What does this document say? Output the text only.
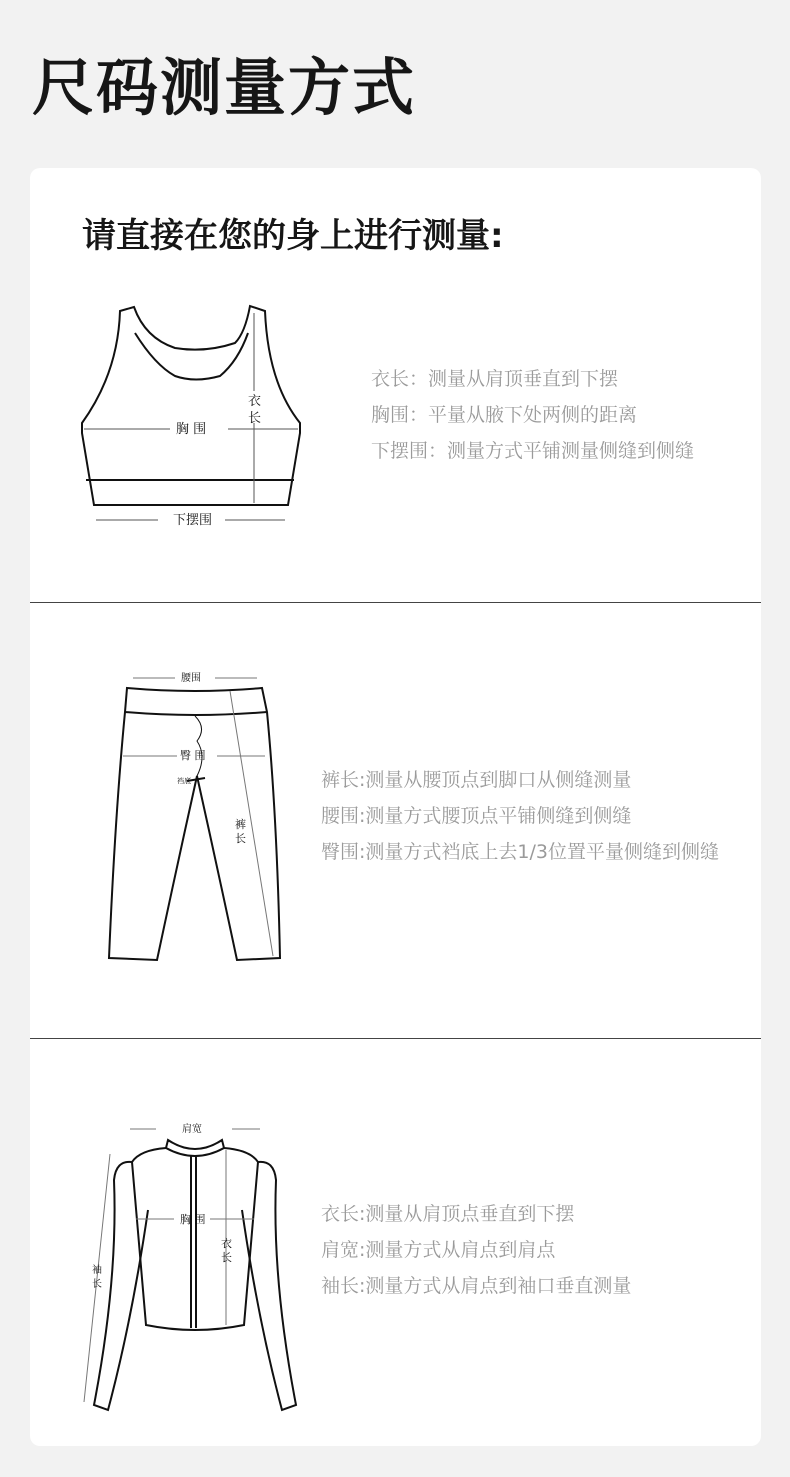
尺码测量方式
请直接在您的身上进行测量:
衣
长
胸 围
下摆围
衣长：测量从肩顶垂直到下摆
胸围：平量从腋下处两侧的距离
下摆围：测量方式平铺测量侧缝到侧缝
腰围
臀 围
裆底
裤
长
裤长:测量从腰顶点到脚口从侧缝测量
腰围:测量方式腰顶点平铺侧缝到侧缝
臀围:测量方式裆底上去1/3位置平量侧缝到侧缝
肩宽
胸 围
衣
长
袖
长
衣长:测量从肩顶点垂直到下摆
肩宽:测量方式从肩点到肩点
袖长:测量方式从肩点到袖口垂直测量
